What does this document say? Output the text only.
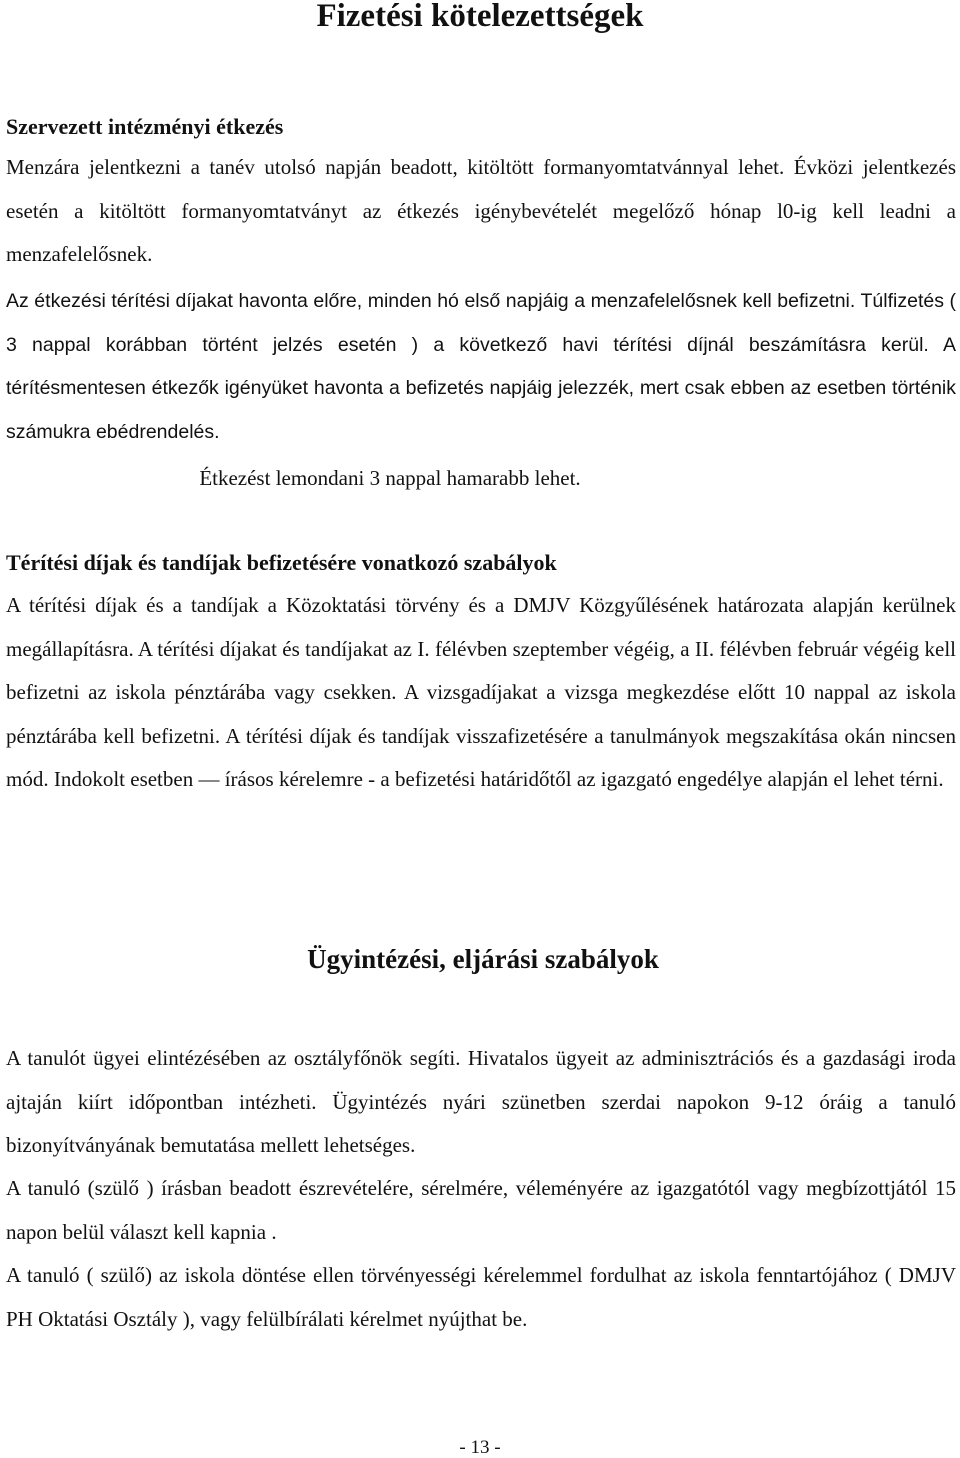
Fizetési kötelezettségek
Szervezett intézményi étkezés

Menzára jelentkezni a tanév utolsó napján beadott, kitöltött formanyomtatvánnyal lehet. Évközi jelentkezés esetén a kitöltött formanyomtatványt az étkezés igénybevételét megelőző hónap l0-ig kell leadni a menzafelelősnek.

Az étkezési térítési díjakat havonta előre, minden hó első napjáig a menzafelelősnek kell befizetni. Túlfizetés ( 3 nappal korábban történt jelzés esetén ) a következő havi térítési díjnál beszámításra kerül. A térítésmentesen étkezők igényüket havonta a befizetés napjáig jelezzék, mert csak ebben az esetben történik számukra ebédrendelés.

Étkezést lemondani 3 nappal hamarabb lehet.
Térítési díjak és tandíjak befizetésére vonatkozó szabályok

A térítési díjak és a tandíjak a Közoktatási törvény és a DMJV Közgyűlésének határozata alapján kerülnek megállapításra. A térítési díjakat és tandíjakat az I. félévben szeptember végéig, a II. félévben február végéig kell befizetni az iskola pénztárába vagy csekken. A vizsgadíjakat a vizsga megkezdése előtt 10 nappal az iskola pénztárába kell befizetni. A térítési díjak és tandíjak visszafizetésére a tanulmányok megszakítása okán nincsen mód. Indokolt esetben — írásos kérelemre - a befizetési határidőtől az igazgató engedélye alapján el lehet térni.

Ügyintézési, eljárási szabályok

A tanulót ügyei elintézésében az osztályfőnök segíti. Hivatalos ügyeit az adminisztrációs és a gazdasági iroda ajtaján kiírt időpontban intézheti. Ügyintézés nyári szünetben szerdai napokon 9-12 óráig a tanuló bizonyítványának bemutatása mellett lehetséges.

A tanuló (szülő ) írásban beadott észrevételére, sérelmére, véleményére az igazgatótól vagy megbízottjától 15 napon belül választ kell kapnia .

A tanuló ( szülő) az iskola döntése ellen törvényességi kérelemmel fordulhat az iskola fenntartójához ( DMJV PH Oktatási Osztály ), vagy felülbírálati kérelmet nyújthat be.

- 13 -
